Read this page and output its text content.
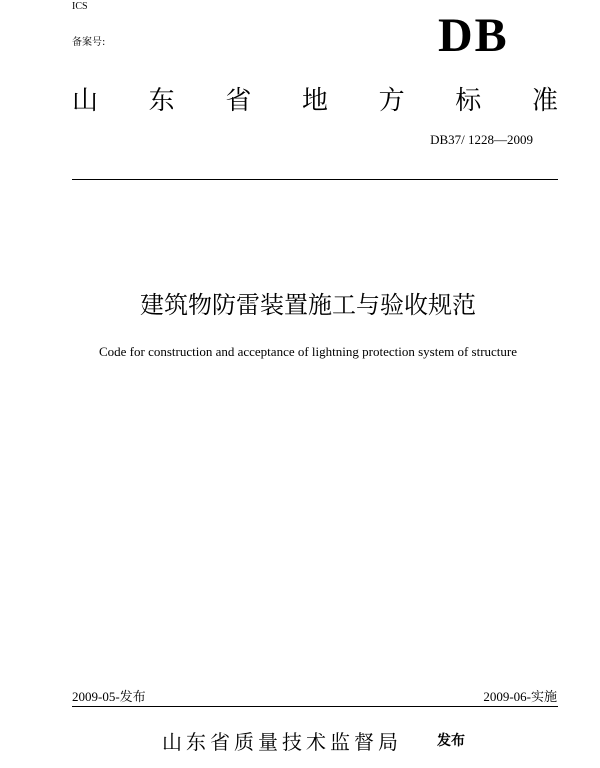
ICS
备案号:	DB
山 东 省 地 方 标 准
DB37/ 1228—2009
建筑物防雷装置施工与验收规范
Code for construction and acceptance of lightning protection system of structure
2009-05-发布	2009-06-实施
山东省质量技术监督局	发布
